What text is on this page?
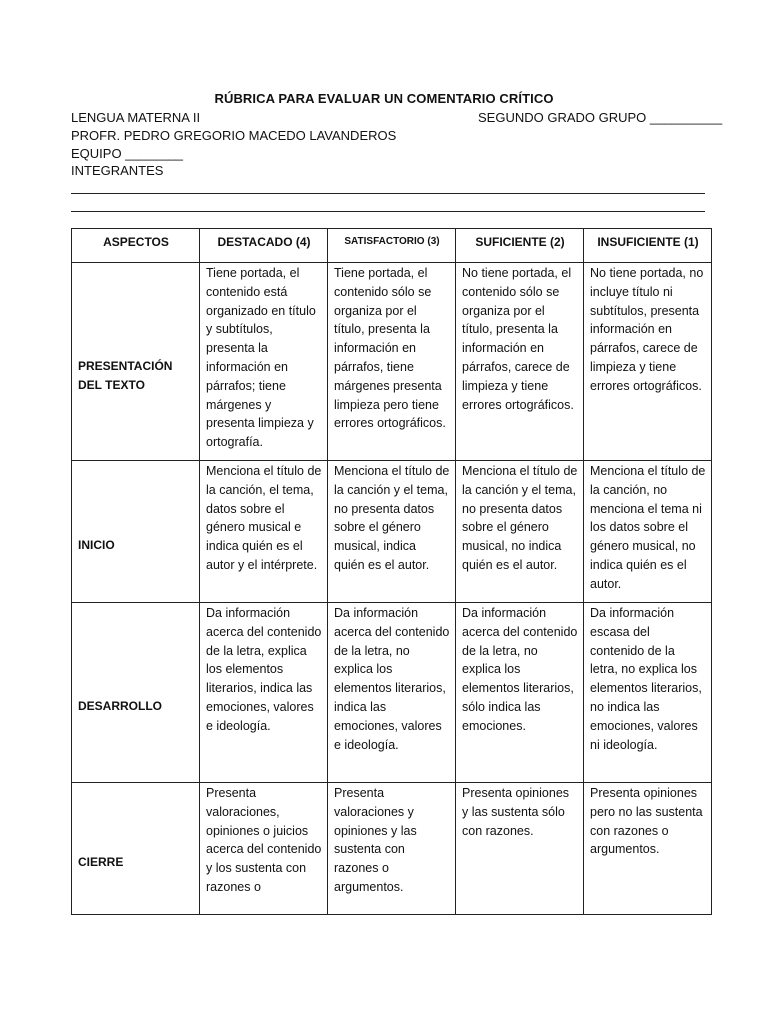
RÚBRICA PARA EVALUAR UN COMENTARIO CRÍTICO
LENGUA MATERNA II	SEGUNDO GRADO GRUPO __________
PROFR. PEDRO GREGORIO MACEDO LAVANDEROS
EQUIPO ________
INTEGRANTES
ASPECTOS	DESTACADO (4)	SATISFACTORIO (3)	SUFICIENTE (2)	INSUFICIENTE (1)
PRESENTACIÓN DEL TEXTO	Tiene portada, el contenido está organizado en título y subtítulos, presenta la información en párrafos; tiene márgenes y presenta limpieza y ortografía.	Tiene portada, el contenido sólo se organiza por el título, presenta la información en párrafos, tiene márgenes presenta limpieza pero tiene errores ortográficos.	No tiene portada, el contenido sólo se organiza por el título, presenta la información en párrafos, carece de limpieza y tiene errores ortográficos.	No tiene portada, no incluye título ni subtítulos, presenta información en párrafos, carece de limpieza y tiene errores ortográficos.
INICIO	Menciona el título de la canción, el tema, datos sobre el género musical e indica quién es el autor y el intérprete.	Menciona el título de la canción y el tema, no presenta datos sobre el género musical, indica quién es el autor.	Menciona el título de la canción y el tema, no presenta datos sobre el género musical, no indica quién es el autor.	Menciona el título de la canción, no menciona el tema ni los datos sobre el género musical, no indica quién es el autor.
DESARROLLO	Da información acerca del contenido de la letra, explica los elementos literarios, indica las emociones, valores e ideología.	Da información acerca del contenido de la letra, no explica los elementos literarios, indica las emociones, valores e ideología.	Da información acerca del contenido de la letra, no explica los elementos literarios, sólo indica las emociones.	Da información escasa del contenido de la letra, no explica los elementos literarios, no indica las emociones, valores ni ideología.
CIERRE	Presenta valoraciones, opiniones o juicios acerca del contenido y los sustenta con razones o	Presenta valoraciones y opiniones y las sustenta con razones o argumentos.	Presenta opiniones y las sustenta sólo con razones.	Presenta opiniones pero no las sustenta con razones o argumentos.
